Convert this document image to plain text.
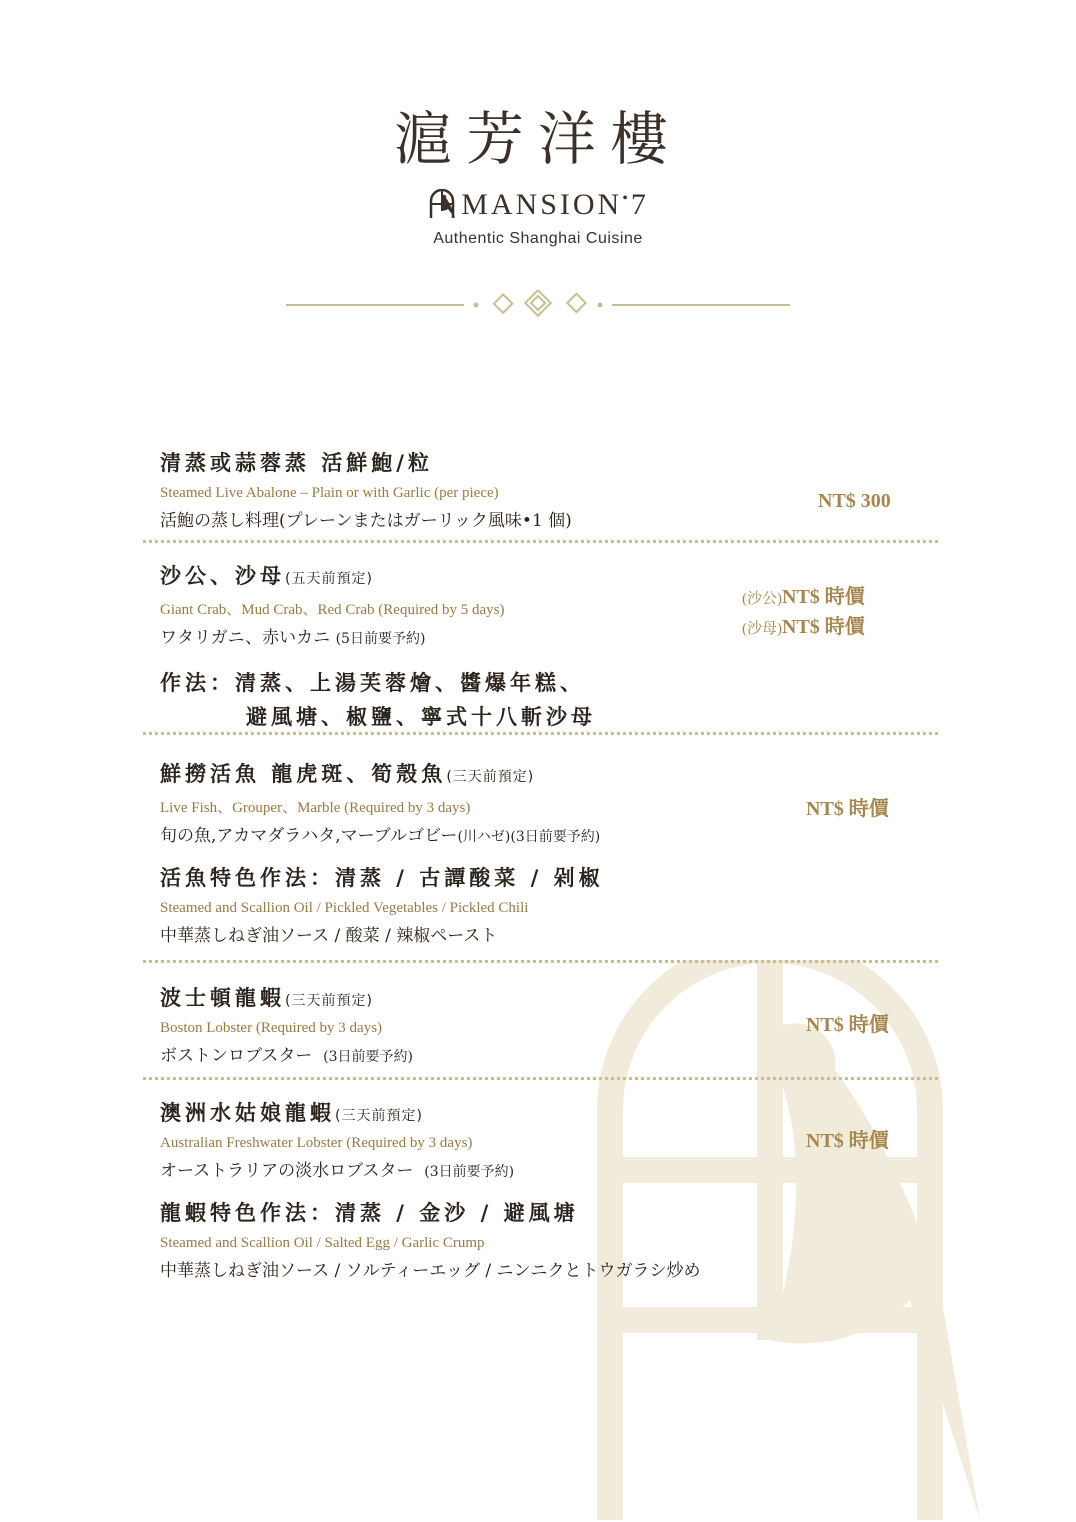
滬芳洋樓
MANSION•7
Authentic Shanghai Cuisine
清蒸或蒜蓉蒸 活鮮鮑/粒
Steamed Live Abalone – Plain or with Garlic (per piece)
活鮑の蒸し料理(プレーンまたはガーリック風味•1 個)
NT$ 300
沙公、沙母(五天前預定)
Giant Crab、Mud Crab、Red Crab (Required by 5 days)
ワタリガニ、赤いカニ (5日前要予約)
作法：清蒸、上湯芙蓉燴、醬爆年糕、
避風塘、椒鹽、寧式十八斬沙母
(沙公)NT$ 時價
(沙母)NT$ 時價
鮮撈活魚 龍虎斑、筍殼魚(三天前預定)
Live Fish、Grouper、Marble (Required by 3 days)
旬の魚,アカマダラハタ,マーブルゴビー(川ハゼ)(3日前要予約)
活魚特色作法：清蒸 / 古譚酸菜 / 剁椒
Steamed and Scallion Oil / Pickled Vegetables / Pickled Chili
中華蒸しねぎ油ソース / 酸菜 / 辣椒ペースト
NT$ 時價
波士頓龍蝦(三天前預定)
Boston Lobster (Required by 3 days)
ボストンロブスター (3日前要予約)
NT$ 時價
澳洲水姑娘龍蝦(三天前預定)
Australian Freshwater Lobster (Required by 3 days)
オーストラリアの淡水ロブスター (3日前要予約)
龍蝦特色作法：清蒸 / 金沙 / 避風塘
Steamed and Scallion Oil / Salted Egg / Garlic Crump
中華蒸しねぎ油ソース / ソルティーエッグ / ニンニクとトウガラシ炒め
NT$ 時價
